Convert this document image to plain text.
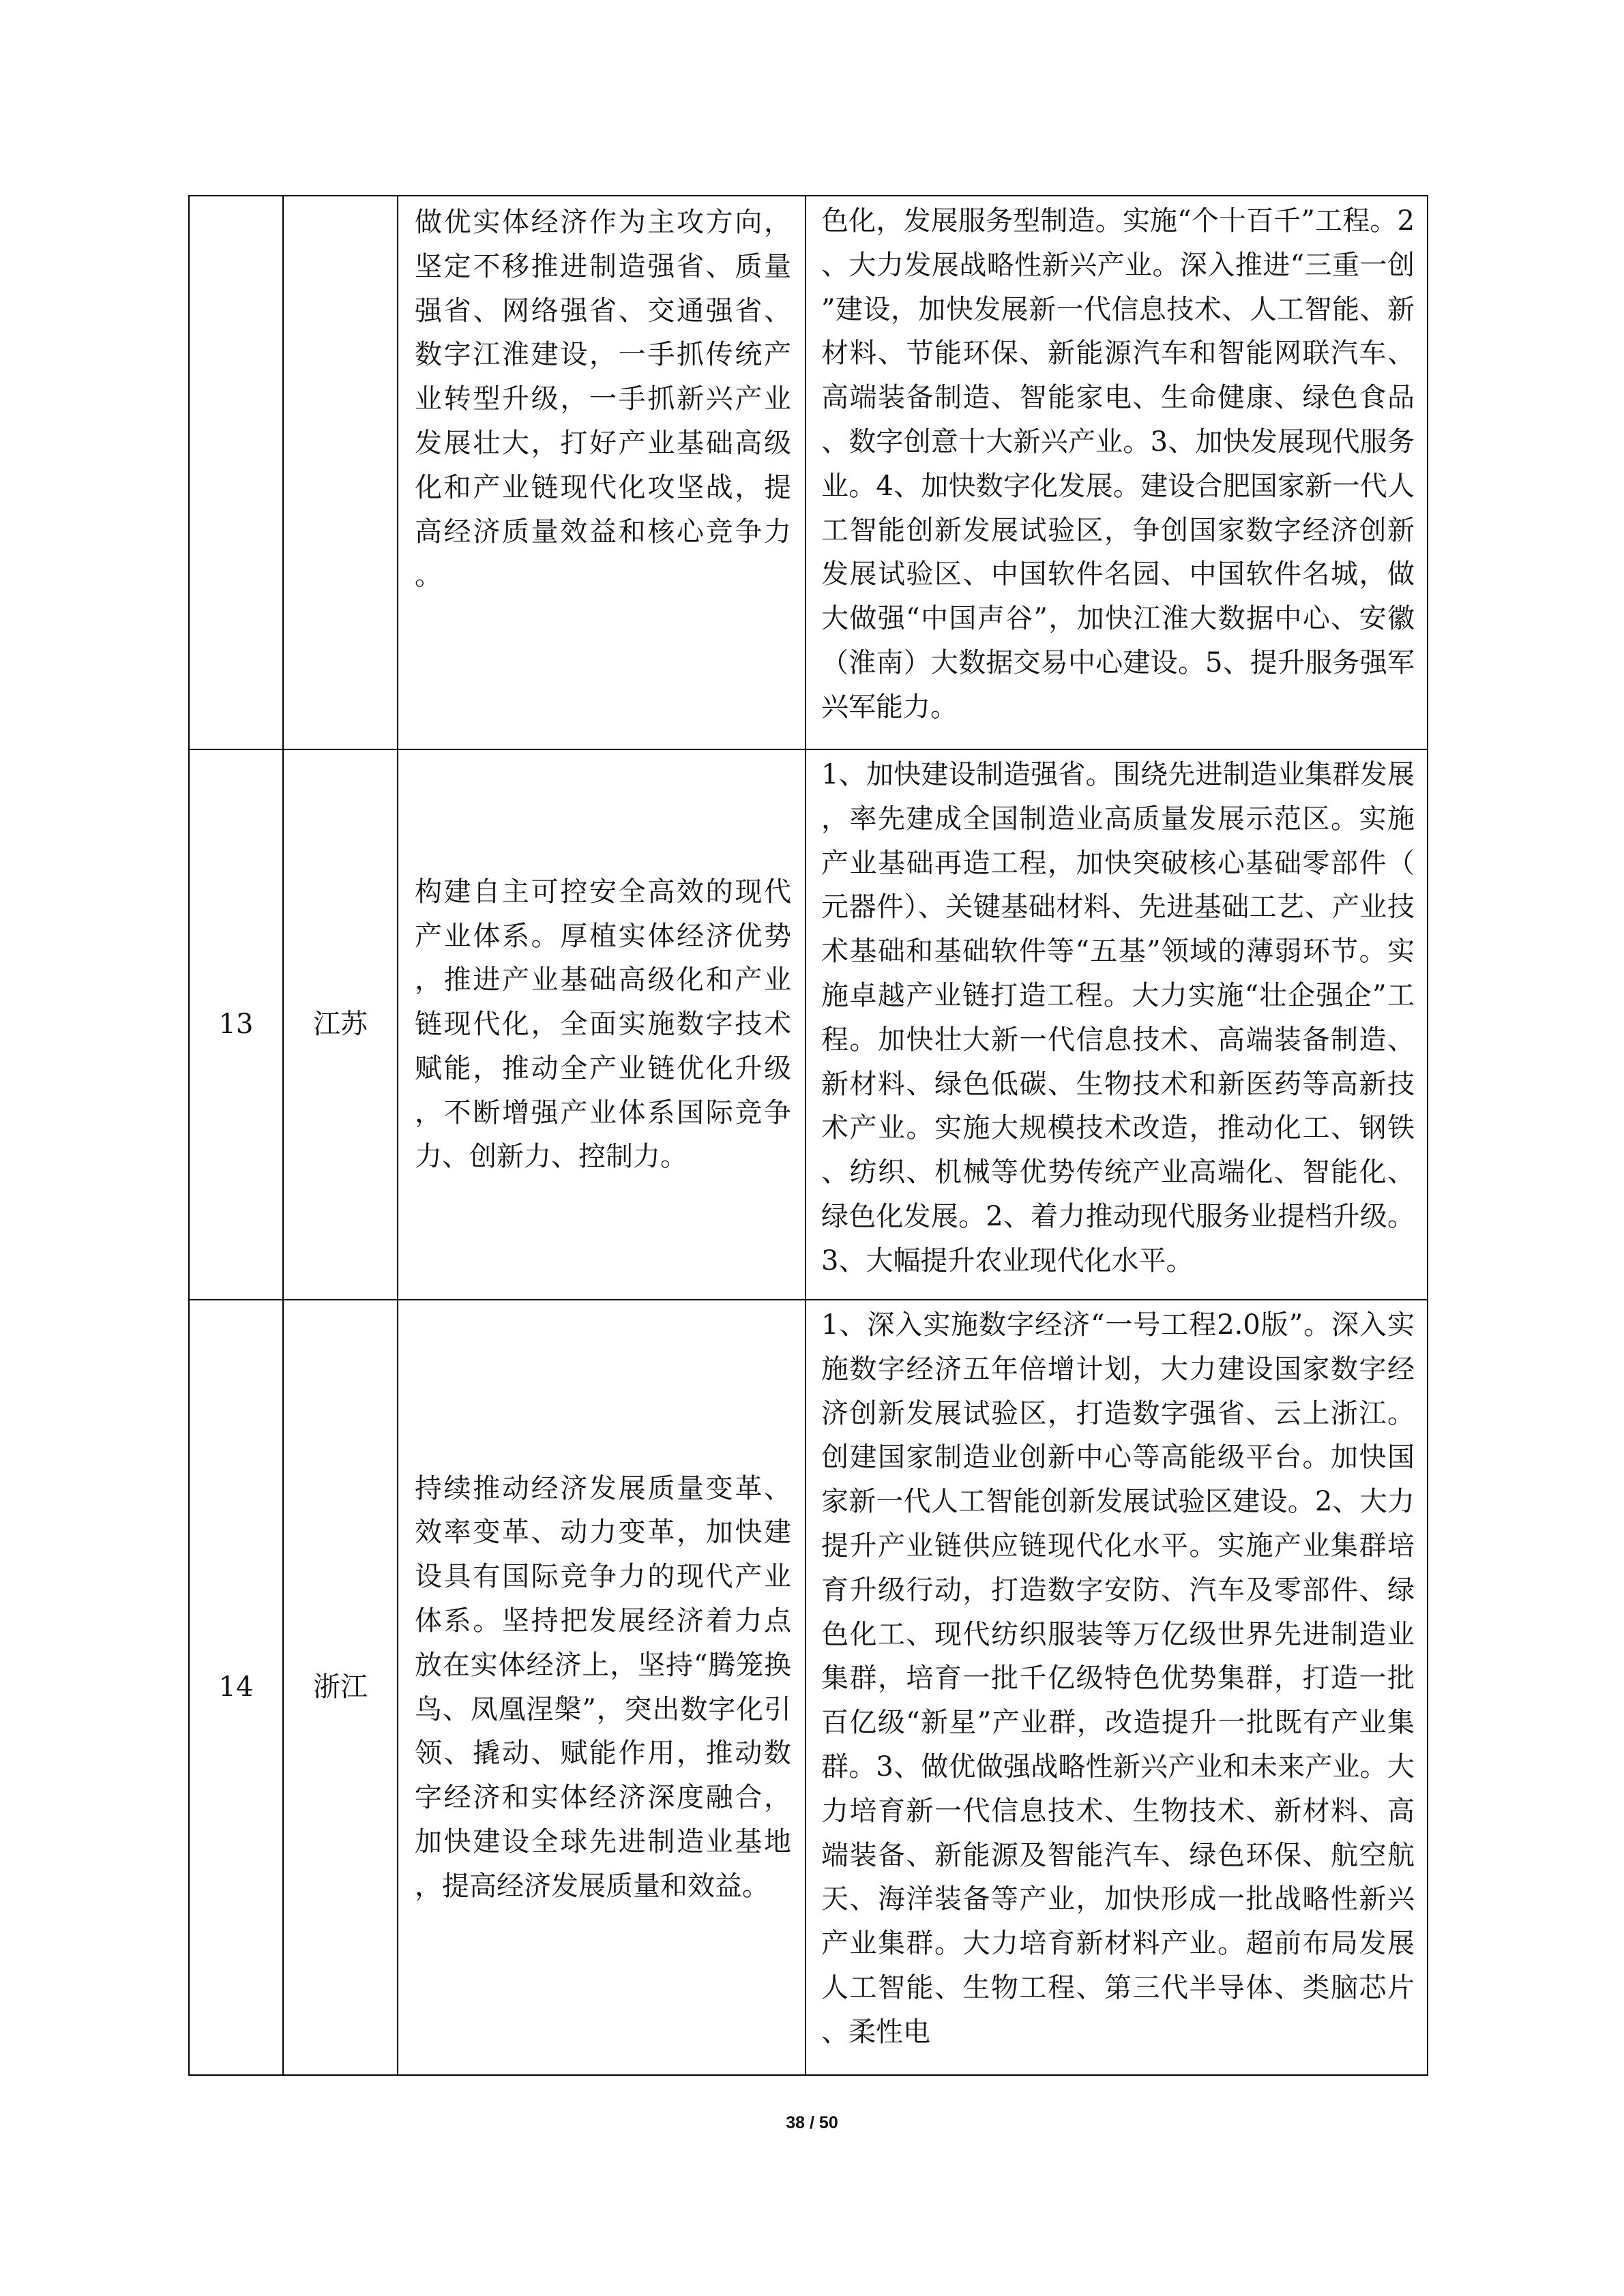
		做优实体经济作为主攻方向，坚定不移推进制造强省、质量强省、网络强省、交通强省、数字江淮建设，一手抓传统产业转型升级，一手抓新兴产业发展壮大，打好产业基础高级化和产业链现代化攻坚战，提高经济质量效益和核心竞争力。	色化，发展服务型制造。实施“个十百千”工程。2、大力发展战略性新兴产业。深入推进“三重一创”建设，加快发展新一代信息技术、人工智能、新材料、节能环保、新能源汽车和智能网联汽车、高端装备制造、智能家电、生命健康、绿色食品、数字创意十大新兴产业。3、加快发展现代服务业。4、加快数字化发展。建设合肥国家新一代人工智能创新发展试验区，争创国家数字经济创新发展试验区、中国软件名园、中国软件名城，做大做强“中国声谷”，加快江淮大数据中心、安徽（淮南）大数据交易中心建设。5、提升服务强军兴军能力。

13	江苏	构建自主可控安全高效的现代产业体系。厚植实体经济优势，推进产业基础高级化和产业链现代化，全面实施数字技术赋能，推动全产业链优化升级，不断增强产业体系国际竞争力、创新力、控制力。	1、加快建设制造强省。围绕先进制造业集群发展，率先建成全国制造业高质量发展示范区。实施产业基础再造工程，加快突破核心基础零部件（元器件）、关键基础材料、先进基础工艺、产业技术基础和基础软件等“五基”领域的薄弱环节。实施卓越产业链打造工程。大力实施“壮企强企”工程。加快壮大新一代信息技术、高端装备制造、新材料、绿色低碳、生物技术和新医药等高新技术产业。实施大规模技术改造，推动化工、钢铁、纺织、机械等优势传统产业高端化、智能化、绿色化发展。2、着力推动现代服务业提档升级。3、大幅提升农业现代化水平。

14	浙江	持续推动经济发展质量变革、效率变革、动力变革，加快建设具有国际竞争力的现代产业体系。坚持把发展经济着力点放在实体经济上，坚持“腾笼换鸟、凤凰涅槃”，突出数字化引领、撬动、赋能作用，推动数字经济和实体经济深度融合，加快建设全球先进制造业基地，提高经济发展质量和效益。	1、深入实施数字经济“一号工程2.0版”。深入实施数字经济五年倍增计划，大力建设国家数字经济创新发展试验区，打造数字强省、云上浙江。创建国家制造业创新中心等高能级平台。加快国家新一代人工智能创新发展试验区建设。2、大力提升产业链供应链现代化水平。实施产业集群培育升级行动，打造数字安防、汽车及零部件、绿色化工、现代纺织服装等万亿级世界先进制造业集群，培育一批千亿级特色优势集群，打造一批百亿级“新星”产业群，改造提升一批既有产业集群。3、做优做强战略性新兴产业和未来产业。大力培育新一代信息技术、生物技术、新材料、高端装备、新能源及智能汽车、绿色环保、航空航天、海洋装备等产业，加快形成一批战略性新兴产业集群。大力培育新材料产业。超前布局发展人工智能、生物工程、第三代半导体、类脑芯片、柔性电
38 / 50
